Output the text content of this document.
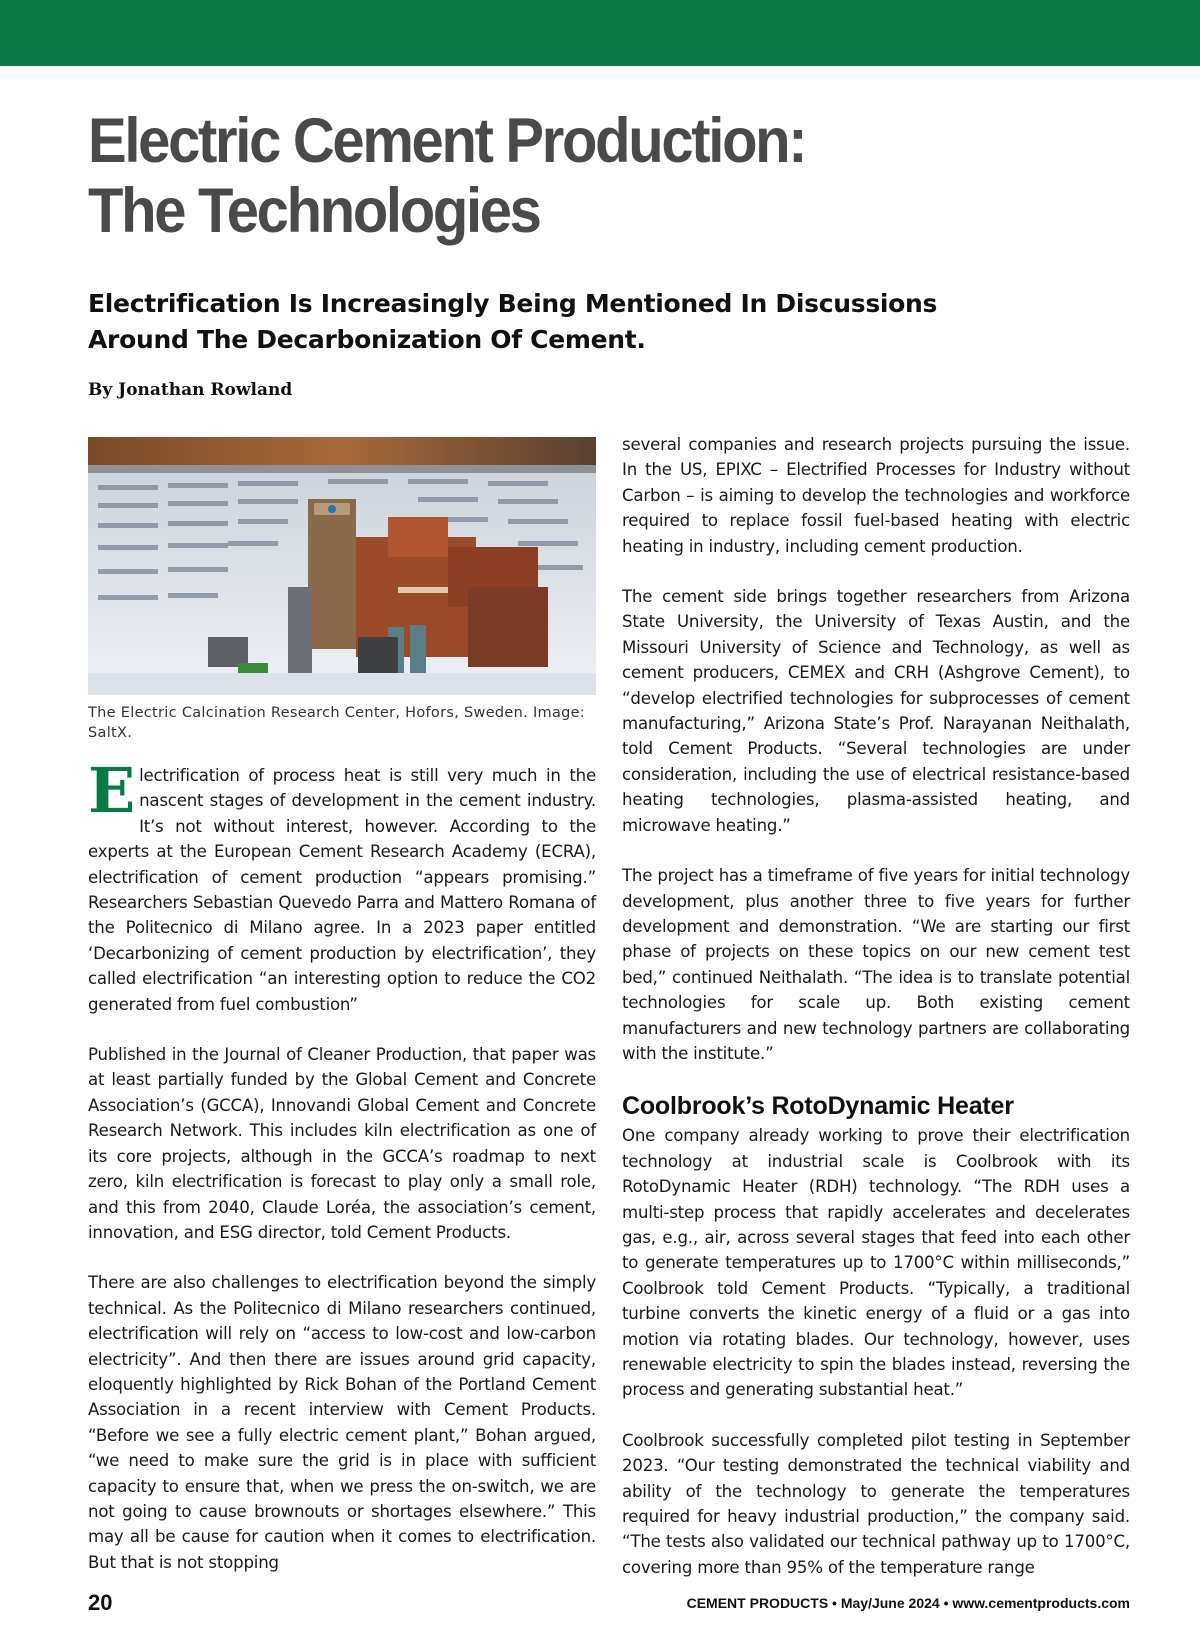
Electric Cement Production:
The Technologies
Electrification Is Increasingly Being Mentioned In Discussions
Around The Decarbonization Of Cement.
By Jonathan Rowland
The Electric Calcination Research Center, Hofors, Sweden. Image: SaltX.

Electrification of process heat is still very much in the nascent stages of development in the cement industry. It’s not without interest, however. According to the experts at the European Cement Research Academy (ECRA), electrification of cement production “appears promising.” Researchers Sebastian Quevedo Parra and Mattero Romana of the Politecnico di Milano agree. In a 2023 paper entitled ‘Decarbonizing of cement production by electrification’, they called electrification “an interesting option to reduce the CO2 generated from fuel combustion”

Published in the Journal of Cleaner Production, that paper was at least partially funded by the Global Cement and Concrete Association’s (GCCA), Innovandi Global Cement and Concrete Research Network. This includes kiln electrification as one of its core projects, although in the GCCA’s roadmap to next zero, kiln electrification is forecast to play only a small role, and this from 2040, Claude Loréa, the association’s cement, innovation, and ESG director, told Cement Products.

There are also challenges to electrification beyond the simply technical. As the Politecnico di Milano researchers continued, electrification will rely on “access to low-cost and low-carbon electricity”. And then there are issues around grid capacity, eloquently highlighted by Rick Bohan of the Portland Cement Association in a recent interview with Cement Products. “Before we see a fully electric cement plant,” Bohan argued, “we need to make sure the grid is in place with sufficient capacity to ensure that, when we press the on-switch, we are not going to cause brownouts or shortages elsewhere.” This may all be cause for caution when it comes to electrification. But that is not stopping

several companies and research projects pursuing the issue. In the US, EPIXC – Electrified Processes for Industry without Carbon – is aiming to develop the technologies and workforce required to replace fossil fuel-based heating with electric heating in industry, including cement production.

The cement side brings together researchers from Arizona State University, the University of Texas Austin, and the Missouri University of Science and Technology, as well as cement producers, CEMEX and CRH (Ashgrove Cement), to “develop electrified technologies for subprocesses of cement manufacturing,” Arizona State’s Prof. Narayanan Neithalath, told Cement Products. “Several technologies are under consideration, including the use of electrical resistance-based heating technologies, plasma-assisted heating, and microwave heating.”

The project has a timeframe of five years for initial technology development, plus another three to five years for further development and demonstration. “We are starting our first phase of projects on these topics on our new cement test bed,” continued Neithalath. “The idea is to translate potential technologies for scale up. Both existing cement manufacturers and new technology partners are collaborating with the institute.”

Coolbrook’s RotoDynamic Heater

One company already working to prove their electrification technology at industrial scale is Coolbrook with its RotoDynamic Heater (RDH) technology. “The RDH uses a multi-step process that rapidly accelerates and decelerates gas, e.g., air, across several stages that feed into each other to generate temperatures up to 1700°C within milliseconds,” Coolbrook told Cement Products. “Typically, a traditional turbine converts the kinetic energy of a fluid or a gas into motion via rotating blades. Our technology, however, uses renewable electricity to spin the blades instead, reversing the process and generating substantial heat.”

Coolbrook successfully completed pilot testing in September 2023. “Our testing demonstrated the technical viability and ability of the technology to generate the temperatures required for heavy industrial production,” the company said. “The tests also validated our technical pathway up to 1700°C, covering more than 95% of the temperature range

20	CEMENT PRODUCTS • May/June 2024 • www.cementproducts.com
